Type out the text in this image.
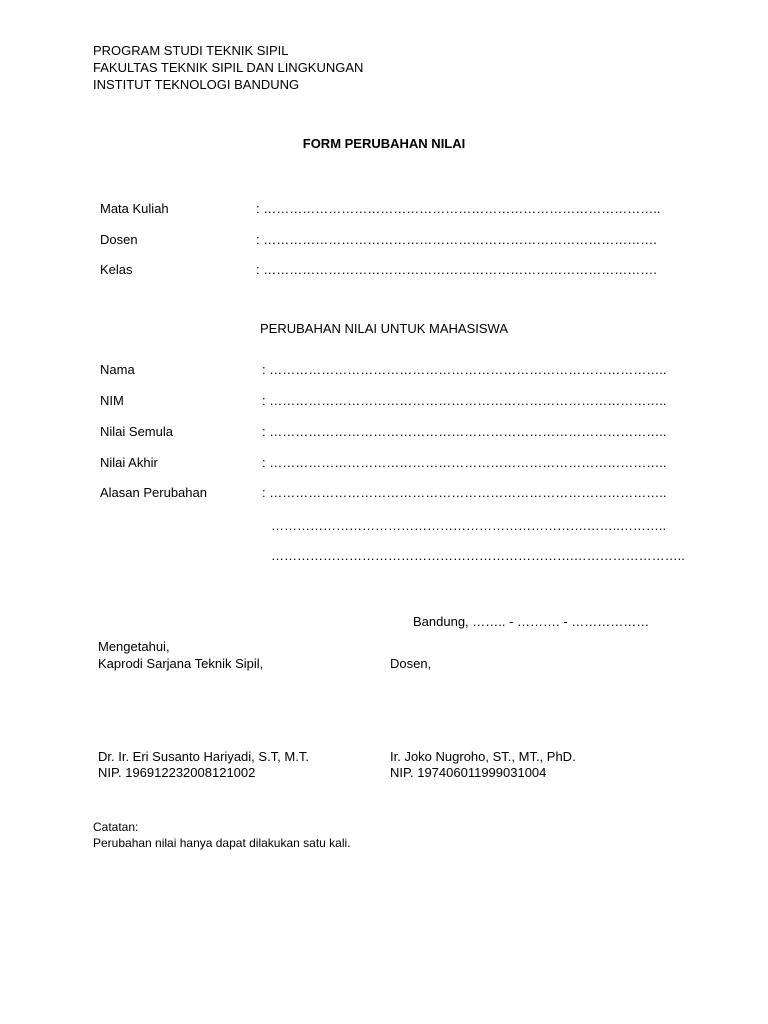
PROGRAM STUDI TEKNIK SIPIL
FAKULTAS TEKNIK SIPIL DAN LINGKUNGAN
INSTITUT TEKNOLOGI BANDUNG
FORM PERUBAHAN NILAI
Mata Kuliah	: ………………………………………………………………………………..
Dosen	: ……………………………………………………………………………….
Kelas	: ……………………………………………………………………………….
PERUBAHAN NILAI UNTUK MAHASISWA
Nama	: ………………………………………………………………………………..
NIM	: ………………………………………………………………………………..
Nilai Semula	: ………………………………………………………………………………..
Nilai Akhir	: ………………………………………………………………………………..
Alasan Perubahan	: ………………………………………………………………………………..
……………………………………………………………….……..………..
…………………………………………………………….……………………..
Bandung, …….. - ………. - ………………
Mengetahui,
Kaprodi Sarjana Teknik Sipil,	Dosen,
Dr. Ir. Eri Susanto Hariyadi, S.T, M.T.
NIP. 196912232008121002
Ir. Joko Nugroho, ST., MT., PhD.
NIP. 197406011999031004
Catatan:
Perubahan nilai hanya dapat dilakukan satu kali.
